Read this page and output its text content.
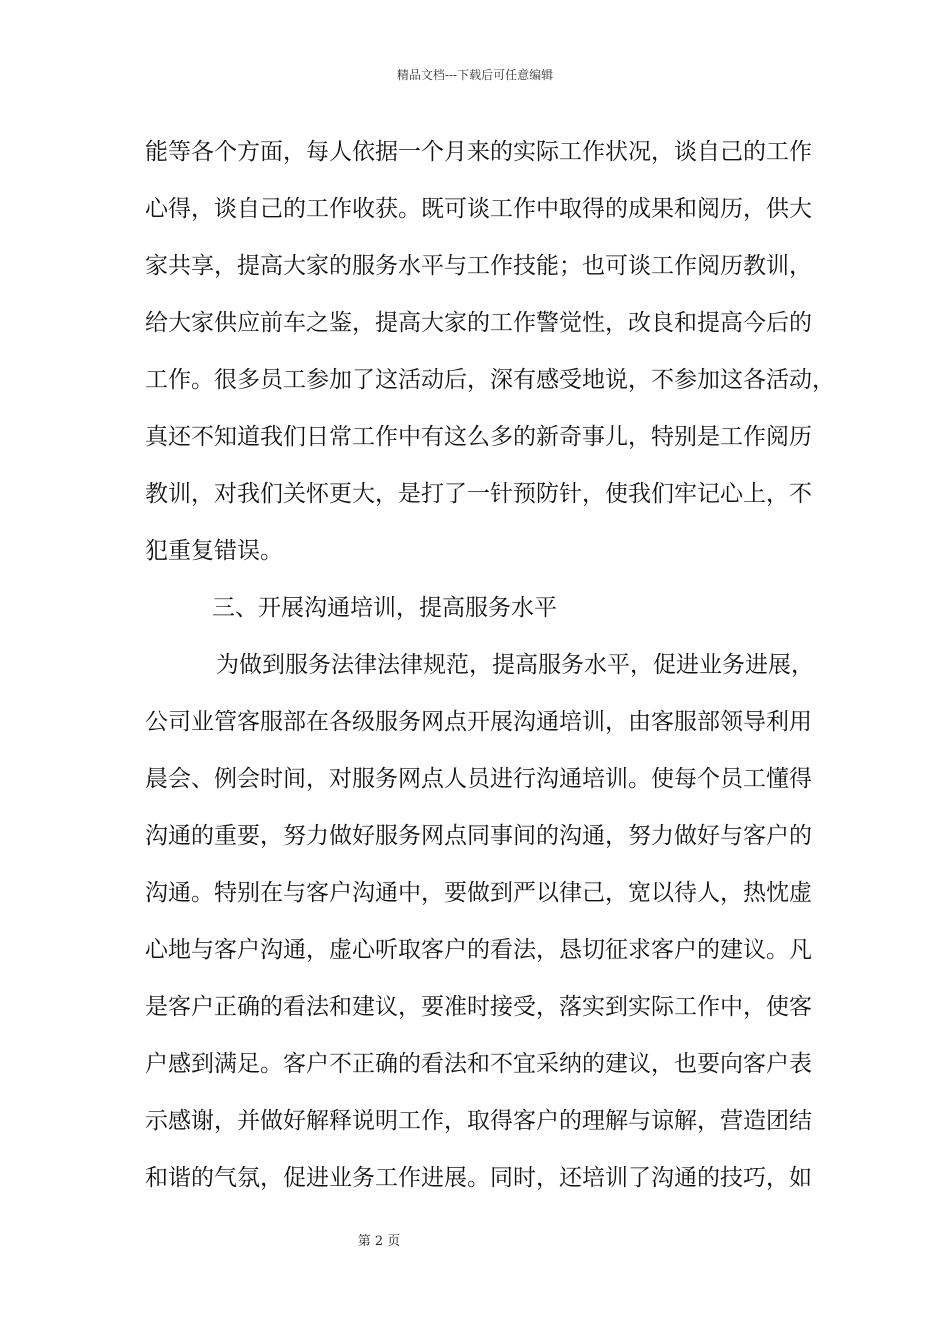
精品文档---下载后可任意编辑
能等各个方面，每人依据一个月来的实际工作状况，谈自己的工作
心得，谈自己的工作收获。既可谈工作中取得的成果和阅历，供大
家共享，提高大家的服务水平与工作技能；也可谈工作阅历教训，
给大家供应前车之鉴，提高大家的工作警觉性，改良和提高今后的
工作。很多员工参加了这活动后，深有感受地说，不参加这各活动，
真还不知道我们日常工作中有这么多的新奇事儿，特别是工作阅历
教训，对我们关怀更大，是打了一针预防针，使我们牢记心上，不
犯重复错误。
三、开展沟通培训，提高服务水平
为做到服务法律法律规范，提高服务水平，促进业务进展，
公司业管客服部在各级服务网点开展沟通培训，由客服部领导利用
晨会、例会时间，对服务网点人员进行沟通培训。使每个员工懂得
沟通的重要，努力做好服务网点同事间的沟通，努力做好与客户的
沟通。特别在与客户沟通中，要做到严以律己，宽以待人，热忱虚
心地与客户沟通，虚心听取客户的看法，恳切征求客户的建议。凡
是客户正确的看法和建议，要准时接受，落实到实际工作中，使客
户感到满足。客户不正确的看法和不宜采纳的建议，也要向客户表
示感谢，并做好解释说明工作，取得客户的理解与谅解，营造团结
和谐的气氛，促进业务工作进展。同时，还培训了沟通的技巧，如
第 2 页
